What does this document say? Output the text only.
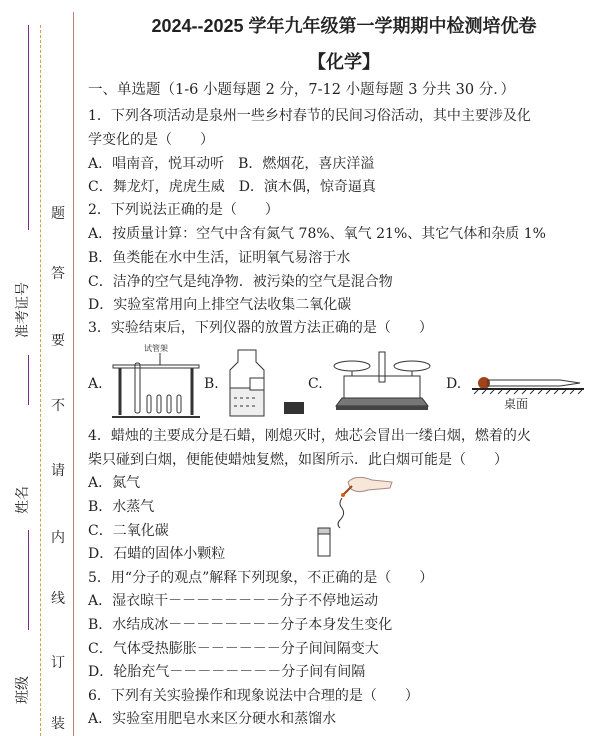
准考证号
姓名
班级
题
答
要
不
请
内
线
订
装
2024--2025 学年九年级第一学期期中检测培优卷
【化学】
一、单选题（1-6 小题每题 2 分，7-12 小题每题 3 分共 30 分．）
1．下列各项活动是泉州一些乡村春节的民间习俗活动，其中主要涉及化
学变化的是（　　）
A．唱南音，悦耳动听　B．燃烟花，喜庆洋溢
C．舞龙灯，虎虎生威　D．演木偶，惊奇逼真
2．下列说法正确的是（　　）
A．按质量计算：空气中含有氮气 78%、氧气 21%、其它气体和杂质 1%
B．鱼类能在水中生活，证明氧气易溶于水
C．洁净的空气是纯净物．被污染的空气是混合物
D．实验室常用向上排空气法收集二氧化碳
3．实验结束后，下列仪器的放置方法正确的是（　　）
A.	B.	C.	D.
试管架
桌面
4．蜡烛的主要成分是石蜡，刚熄灭时，烛芯会冒出一缕白烟，燃着的火
柴只碰到白烟，便能使蜡烛复燃，如图所示．此白烟可能是（　　）
A．氮气
B．水蒸气
C．二氧化碳
D．石蜡的固体小颗粒
5．用“分子的观点”解释下列现象，不正确的是（　　）
A．湿衣晾干－－－－－－－－分子不停地运动
B．水结成冰－－－－－－－－分子本身发生变化
C．气体受热膨胀－－－－－－分子间间隔变大
D．轮胎充气－－－－－－－－分子间有间隔
6．下列有关实验操作和现象说法中合理的是（　　）
A．实验室用肥皂水来区分硬水和蒸馏水
